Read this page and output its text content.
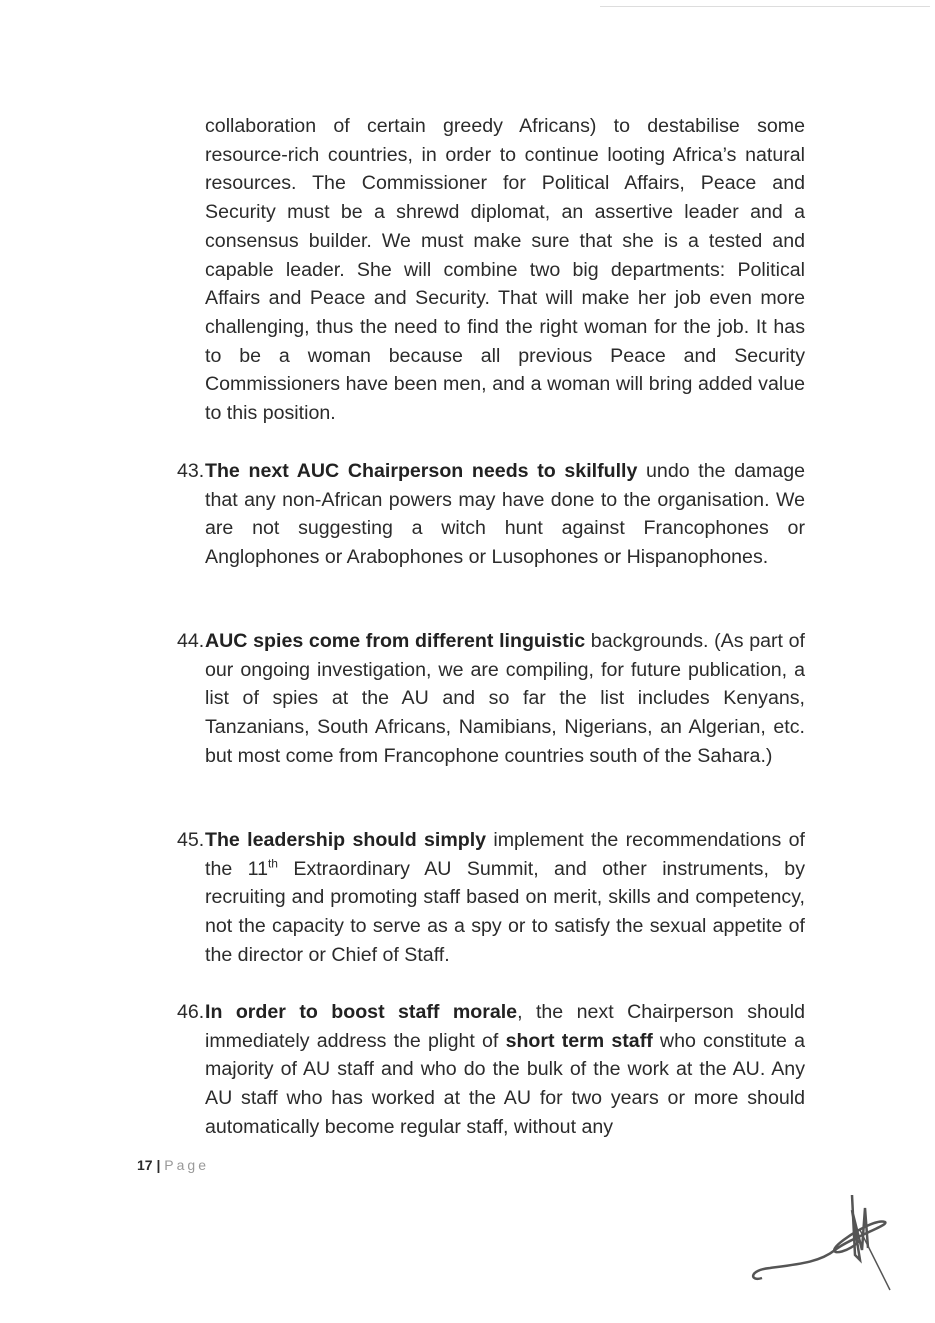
collaboration of certain greedy Africans) to destabilise some resource-rich countries, in order to continue looting Africa’s natural resources. The Commissioner for Political Affairs, Peace and Security must be a shrewd diplomat, an assertive leader and a consensus builder. We must make sure that she is a tested and capable leader. She will combine two big departments: Political Affairs and Peace and Security. That will make her job even more challenging, thus the need to find the right woman for the job. It has to be a woman because all previous Peace and Security Commissioners have been men, and a woman will bring added value to this position.

43. The next AUC Chairperson needs to skilfully undo the damage that any non-African powers may have done to the organisation. We are not suggesting a witch hunt against Francophones or Anglophones or Arabophones or Lusophones or Hispanophones.

44. AUC spies come from different linguistic backgrounds. (As part of our ongoing investigation, we are compiling, for future publication, a list of spies at the AU and so far the list includes Kenyans, Tanzanians, South Africans, Namibians, Nigerians, an Algerian, etc. but most come from Francophone countries south of the Sahara.)

45. The leadership should simply implement the recommendations of the 11th Extraordinary AU Summit, and other instruments, by recruiting and promoting staff based on merit, skills and competency, not the capacity to serve as a spy or to satisfy the sexual appetite of the director or Chief of Staff.

46. In order to boost staff morale, the next Chairperson should immediately address the plight of short term staff who constitute a majority of AU staff and who do the bulk of the work at the AU. Any AU staff who has worked at the AU for two years or more should automatically become regular staff, without any

17 | Page
